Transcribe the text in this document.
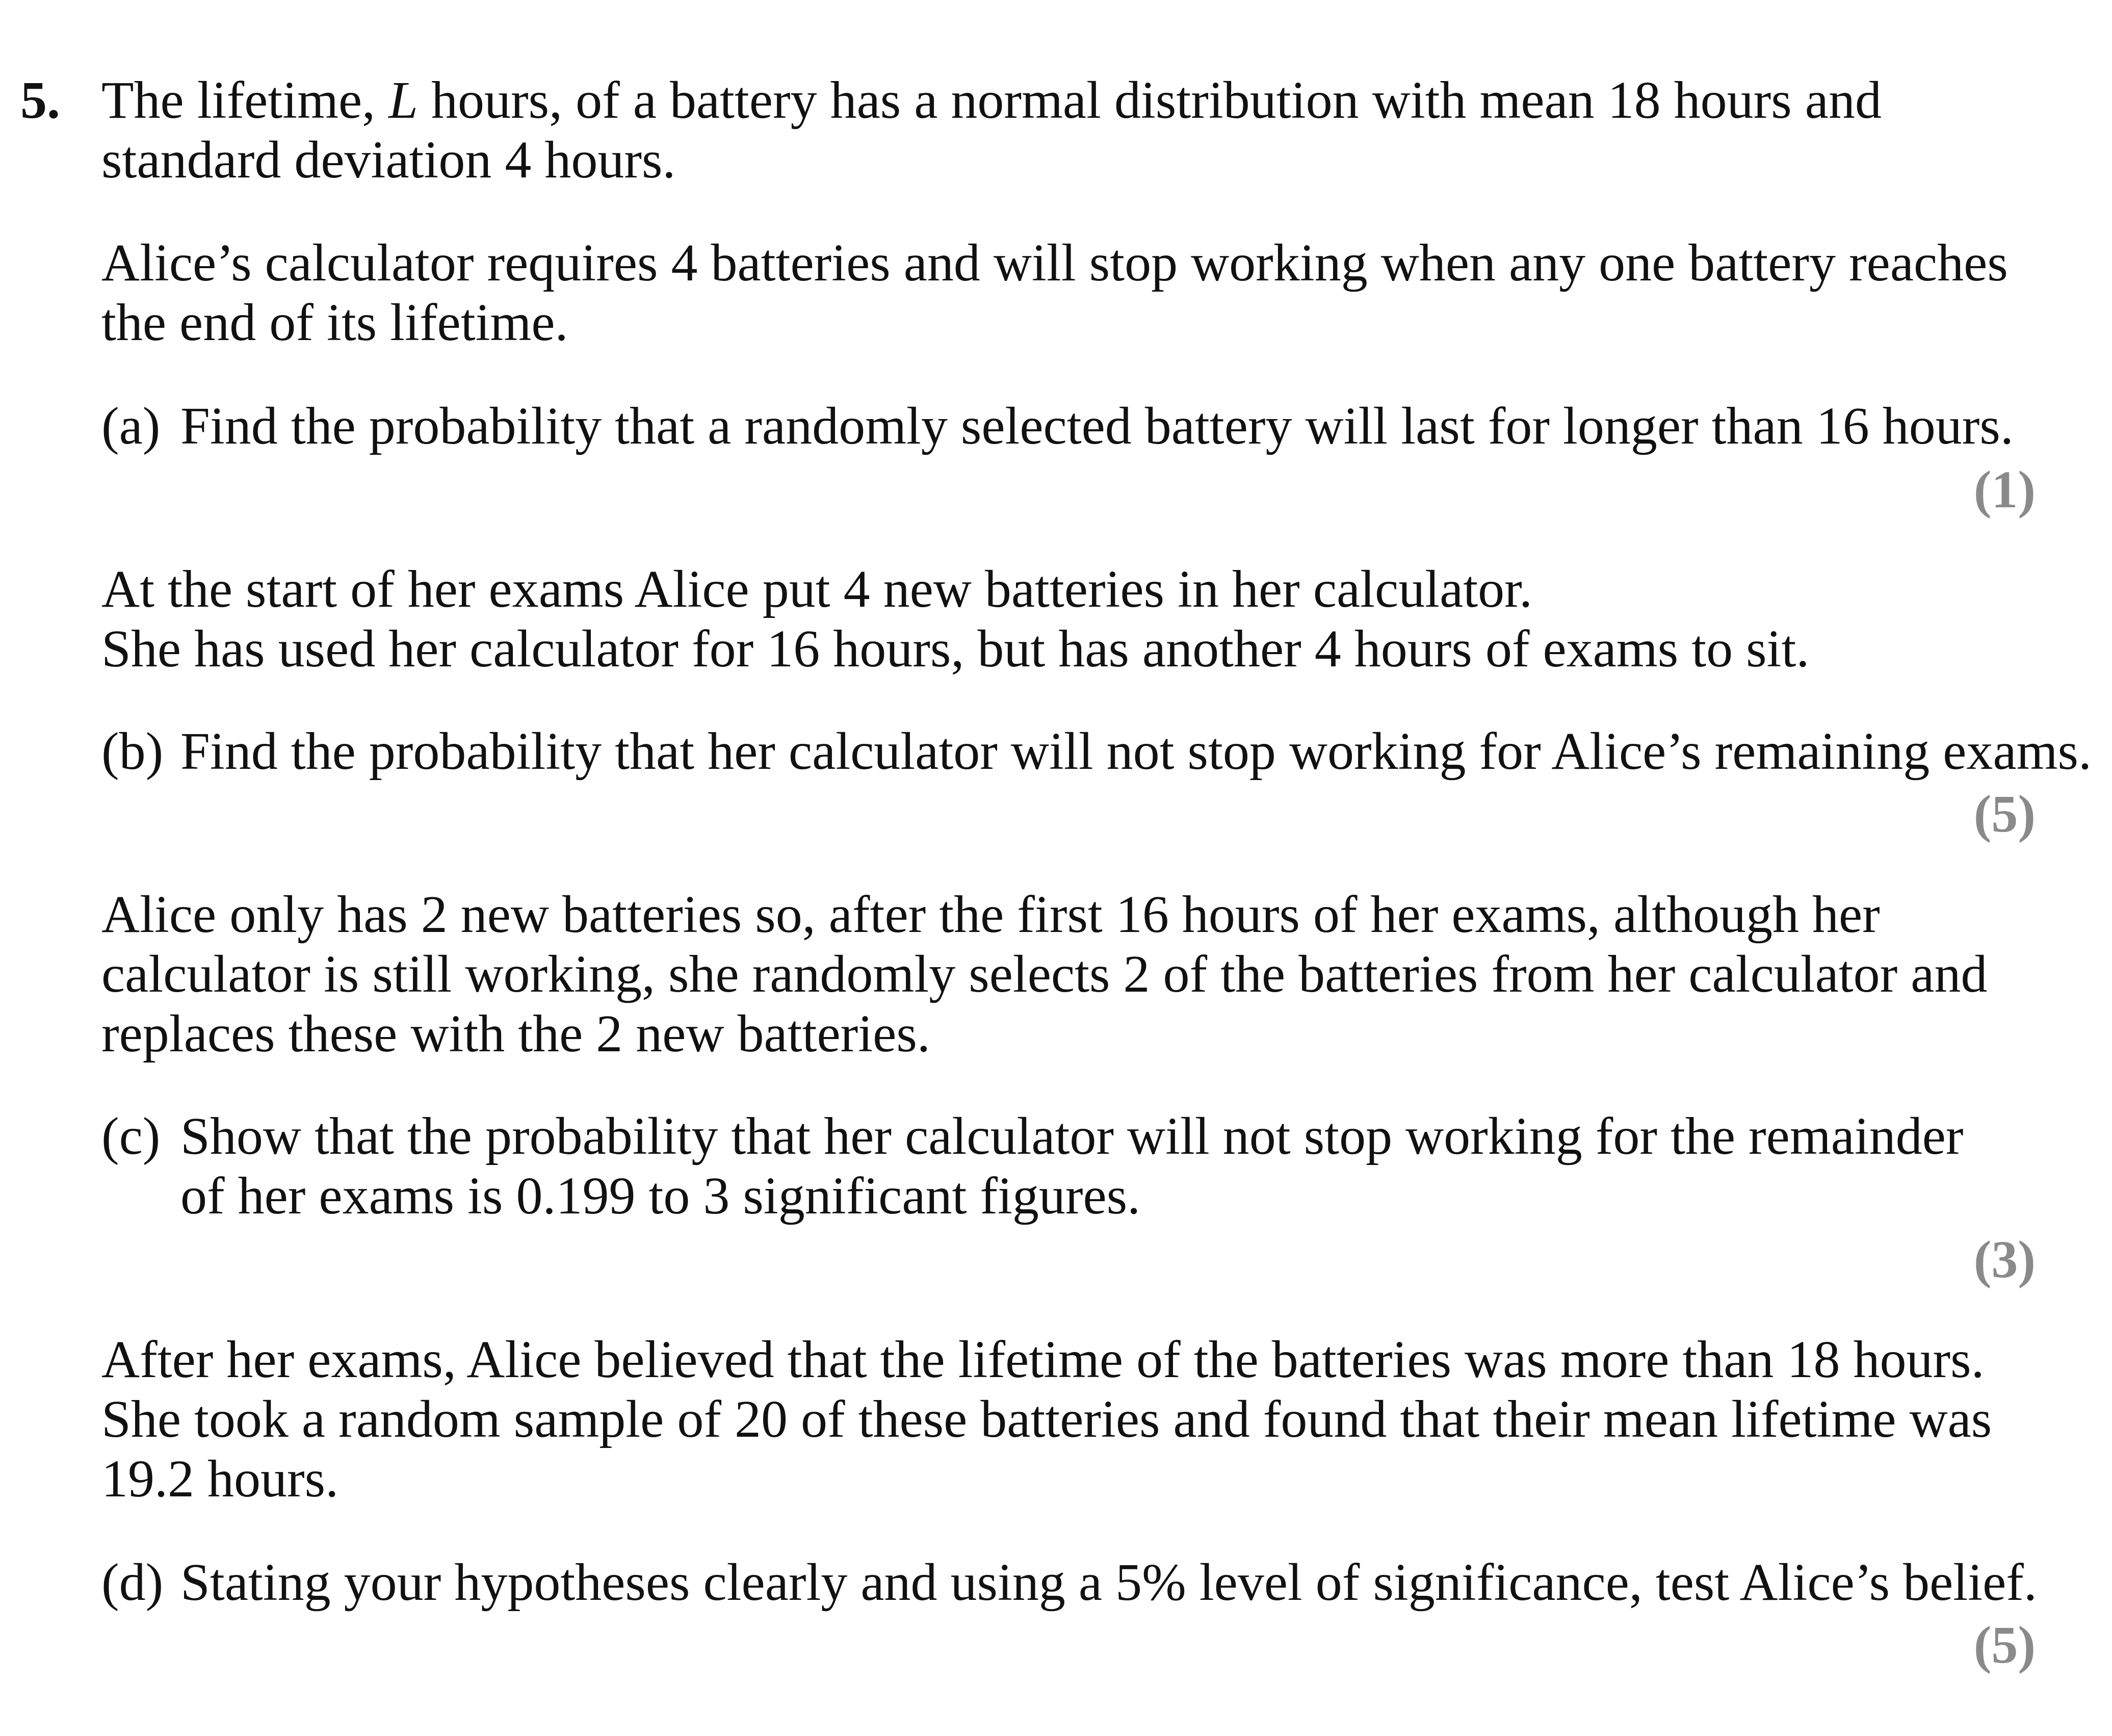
5. The lifetime, L hours, of a battery has a normal distribution with mean 18 hours and
standard deviation 4 hours.
Alice’s calculator requires 4 batteries and will stop working when any one battery reaches
the end of its lifetime.
(a) Find the probability that a randomly selected battery will last for longer than 16 hours.
(1)
At the start of her exams Alice put 4 new batteries in her calculator.
She has used her calculator for 16 hours, but has another 4 hours of exams to sit.
(b) Find the probability that her calculator will not stop working for Alice’s remaining exams.
(5)
Alice only has 2 new batteries so, after the first 16 hours of her exams, although her
calculator is still working, she randomly selects 2 of the batteries from her calculator and
replaces these with the 2 new batteries.
(c) Show that the probability that her calculator will not stop working for the remainder
of her exams is 0.199 to 3 significant figures.
(3)
After her exams, Alice believed that the lifetime of the batteries was more than 18 hours.
She took a random sample of 20 of these batteries and found that their mean lifetime was
19.2 hours.
(d) Stating your hypotheses clearly and using a 5% level of significance, test Alice’s belief.
(5)
